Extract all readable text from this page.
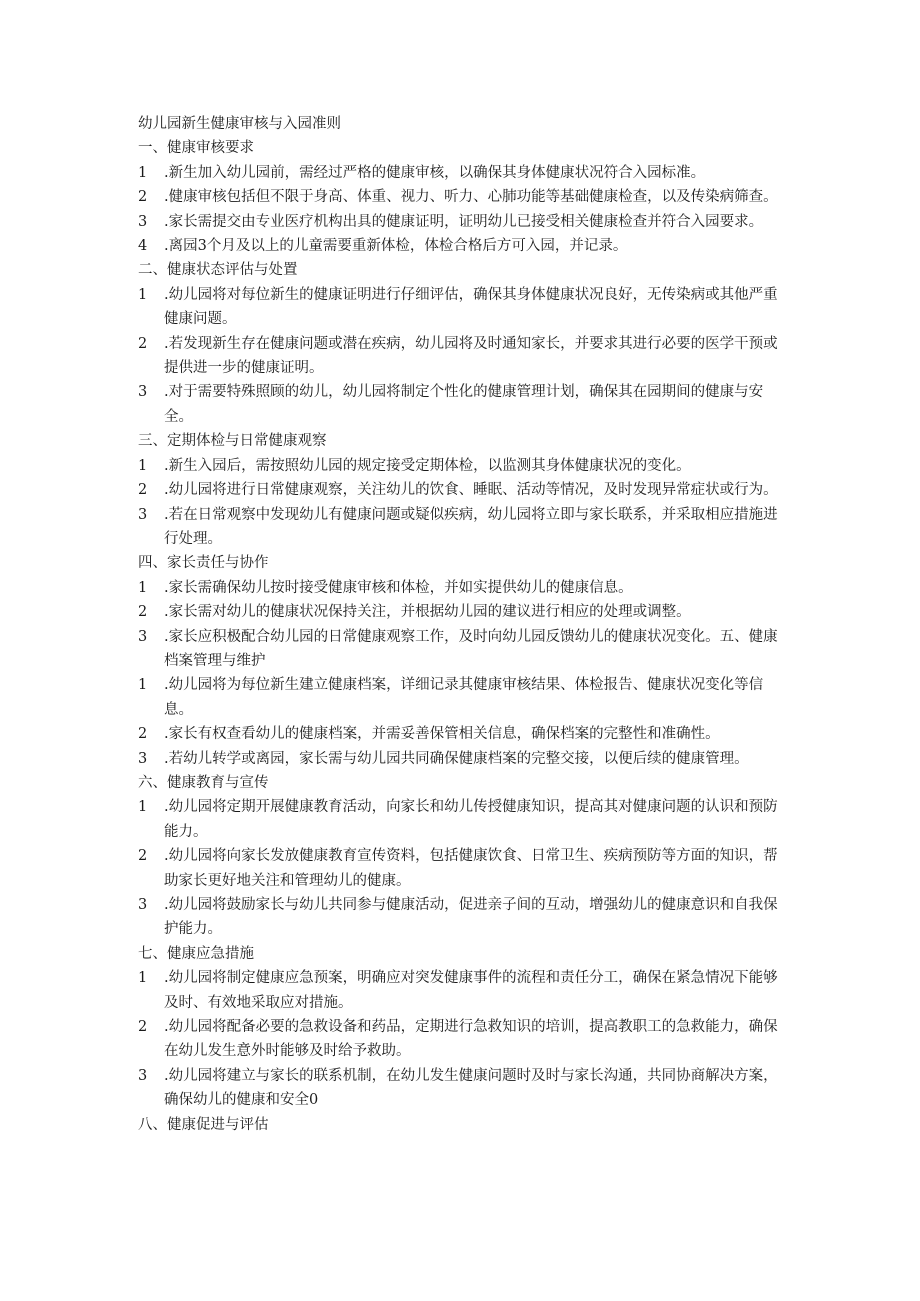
幼儿园新生健康审核与入园准则
一、健康审核要求
1	.新生加入幼儿园前，需经过严格的健康审核，以确保其身体健康状况符合入园标准。
2	.健康审核包括但不限于身高、体重、视力、听力、心肺功能等基础健康检查，以及传染病筛查。
3	.家长需提交由专业医疗机构出具的健康证明，证明幼儿已接受相关健康检查并符合入园要求。
4	.离园3个月及以上的儿童需要重新体检，体检合格后方可入园，并记录。
二、健康状态评估与处置
1	.幼儿园将对每位新生的健康证明进行仔细评估，确保其身体健康状况良好，无传染病或其他严重健康问题。
2	.若发现新生存在健康问题或潜在疾病，幼儿园将及时通知家长，并要求其进行必要的医学干预或提供进一步的健康证明。
3	.对于需要特殊照顾的幼儿，幼儿园将制定个性化的健康管理计划，确保其在园期间的健康与安全。
三、定期体检与日常健康观察
1	.新生入园后，需按照幼儿园的规定接受定期体检，以监测其身体健康状况的变化。
2	.幼儿园将进行日常健康观察，关注幼儿的饮食、睡眠、活动等情况，及时发现异常症状或行为。
3	.若在日常观察中发现幼儿有健康问题或疑似疾病，幼儿园将立即与家长联系，并采取相应措施进行处理。
四、家长责任与协作
1	.家长需确保幼儿按时接受健康审核和体检，并如实提供幼儿的健康信息。
2	.家长需对幼儿的健康状况保持关注，并根据幼儿园的建议进行相应的处理或调整。
3	.家长应积极配合幼儿园的日常健康观察工作，及时向幼儿园反馈幼儿的健康状况变化。五、健康档案管理与维护
1	.幼儿园将为每位新生建立健康档案，详细记录其健康审核结果、体检报告、健康状况变化等信息。
2	.家长有权查看幼儿的健康档案，并需妥善保管相关信息，确保档案的完整性和准确性。
3	.若幼儿转学或离园，家长需与幼儿园共同确保健康档案的完整交接，以便后续的健康管理。
六、健康教育与宣传
1	.幼儿园将定期开展健康教育活动，向家长和幼儿传授健康知识，提高其对健康问题的认识和预防能力。
2	.幼儿园将向家长发放健康教育宣传资料，包括健康饮食、日常卫生、疾病预防等方面的知识，帮助家长更好地关注和管理幼儿的健康。
3	.幼儿园将鼓励家长与幼儿共同参与健康活动，促进亲子间的互动，增强幼儿的健康意识和自我保护能力。
七、健康应急措施
1	.幼儿园将制定健康应急预案，明确应对突发健康事件的流程和责任分工，确保在紧急情况下能够及时、有效地采取应对措施。
2	.幼儿园将配备必要的急救设备和药品，定期进行急救知识的培训，提高教职工的急救能力，确保在幼儿发生意外时能够及时给予救助。
3	.幼儿园将建立与家长的联系机制，在幼儿发生健康问题时及时与家长沟通，共同协商解决方案，确保幼儿的健康和安全0
八、健康促进与评估
